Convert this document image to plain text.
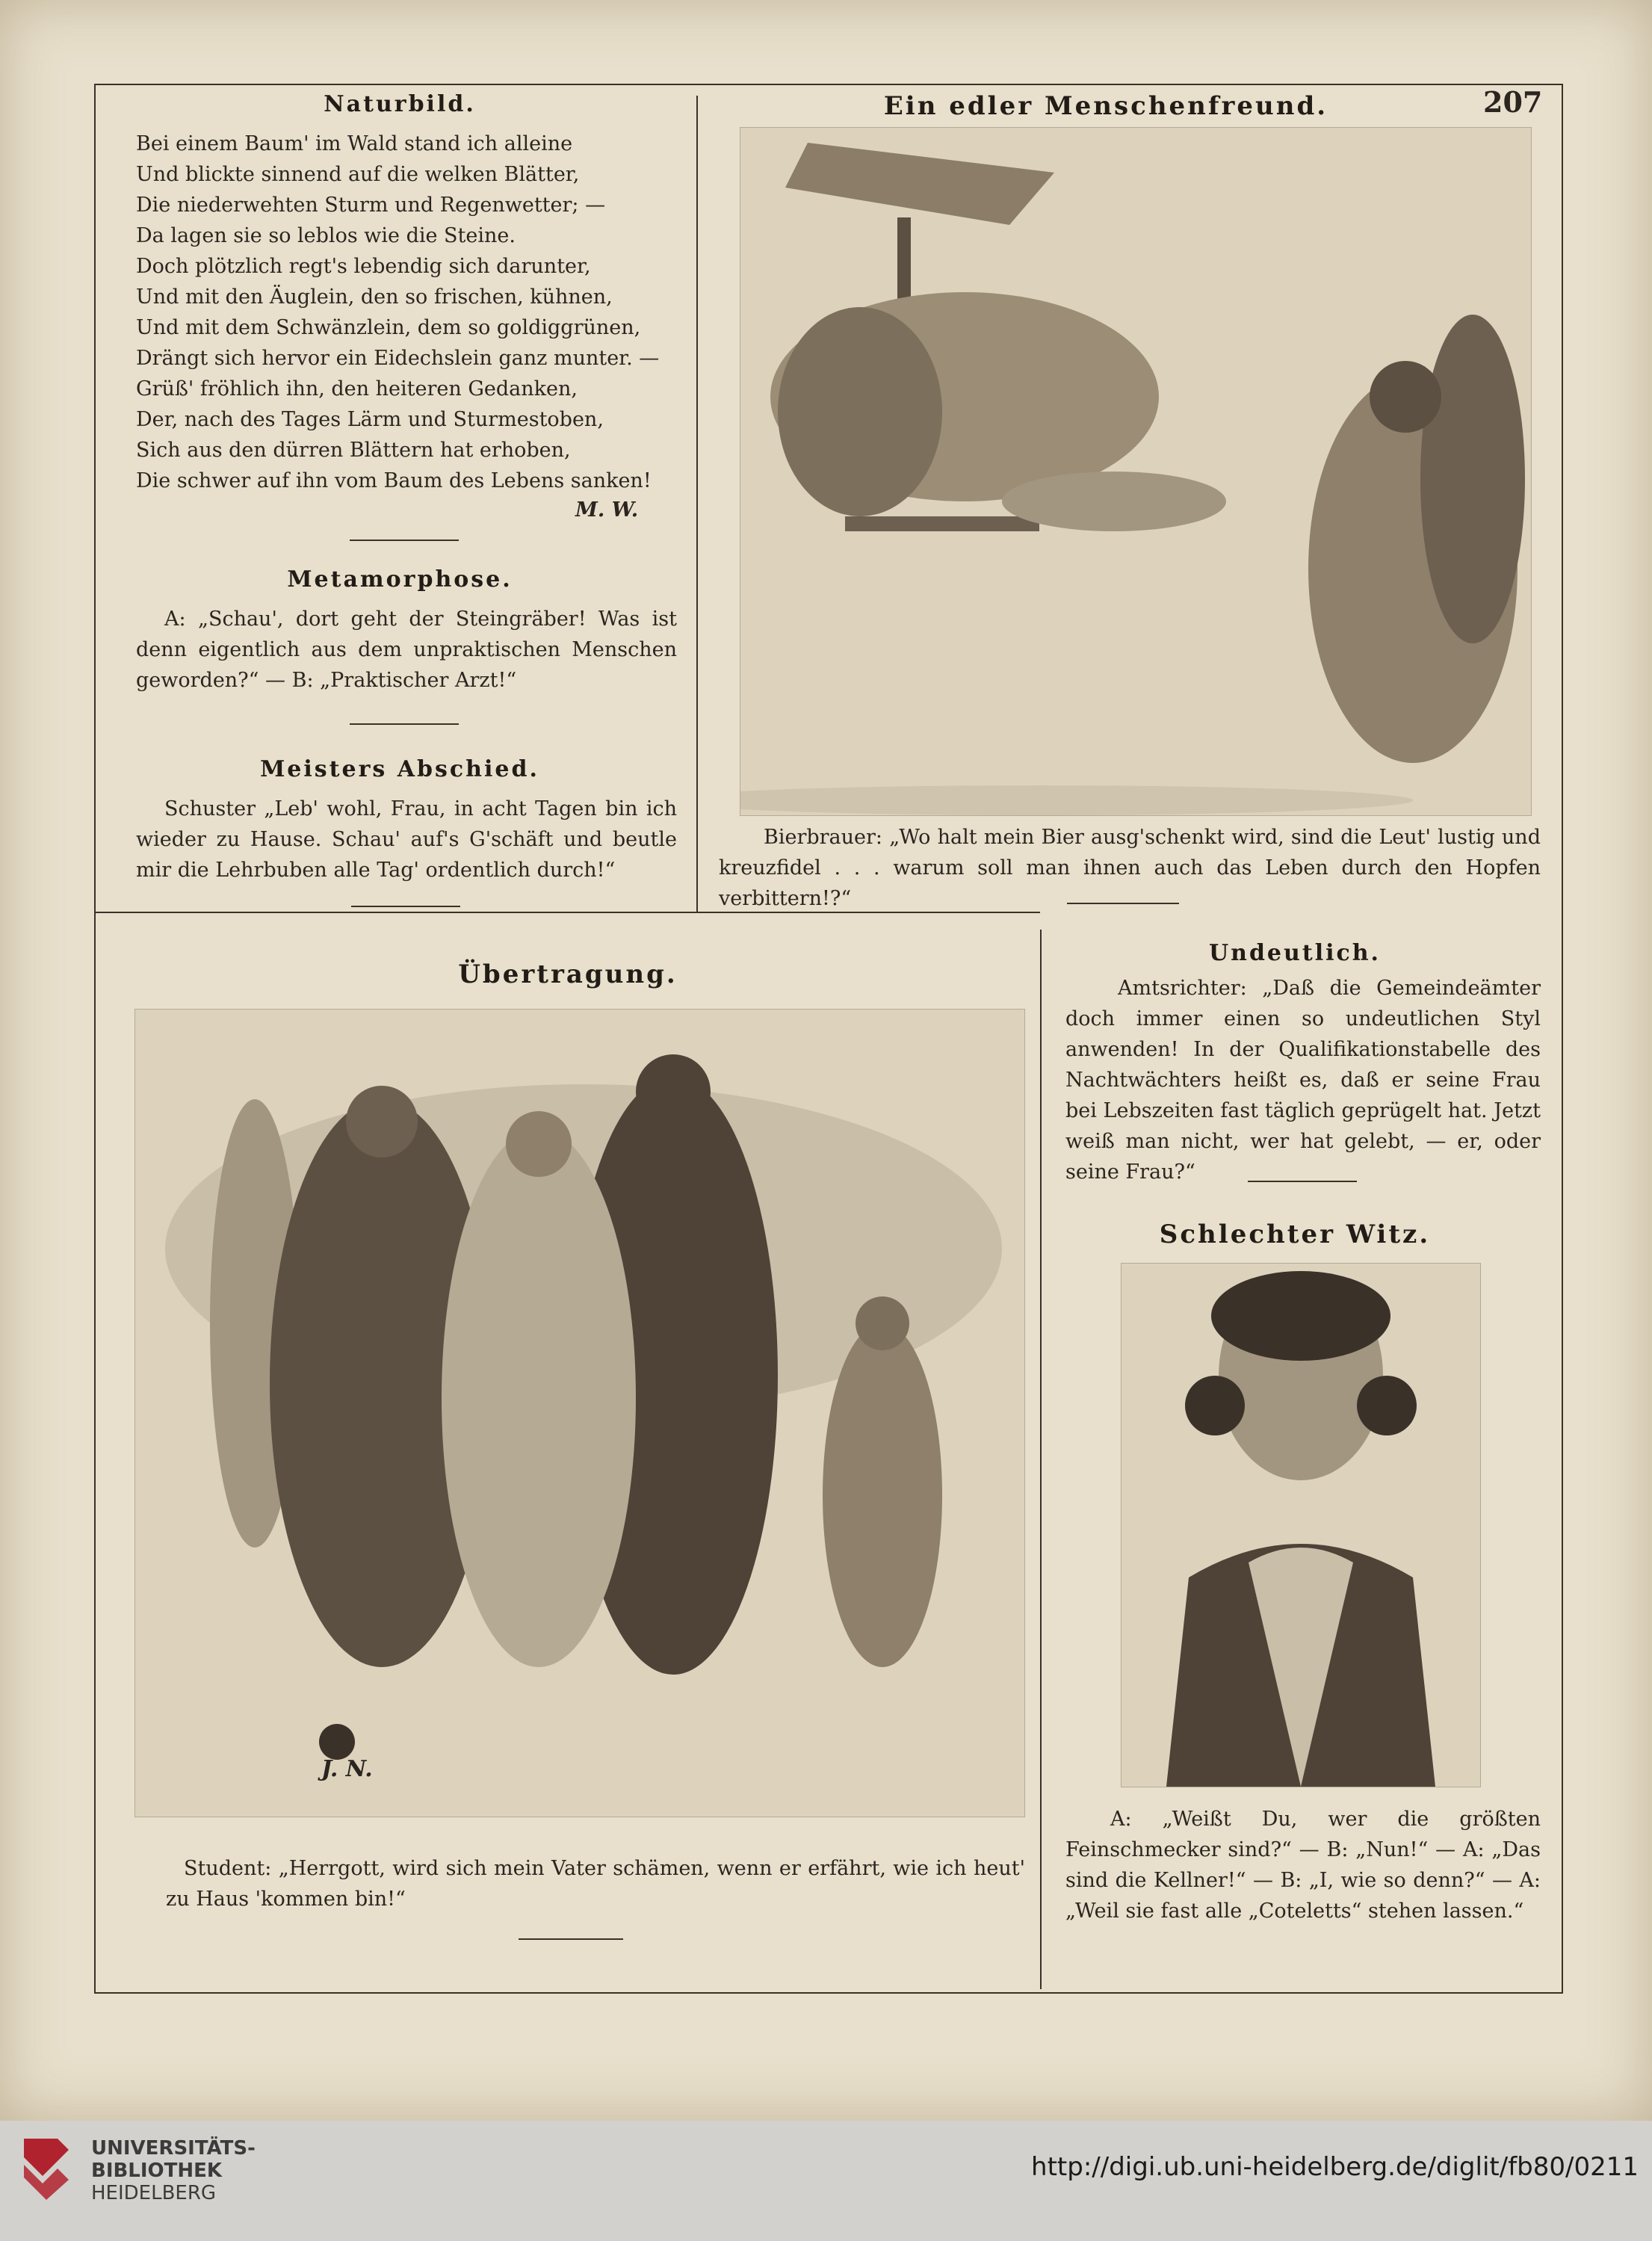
Naturbild.
Bei einem Baum' im Wald stand ich alleine
Und blickte sinnend auf die welken Blätter,
Die niederwehten Sturm und Regenwetter; —
Da lagen sie so leblos wie die Steine.
Doch plötzlich regt's lebendig sich darunter,
Und mit den Äuglein, den so frischen, kühnen,
Und mit dem Schwänzlein, dem so goldiggrünen,
Drängt sich hervor ein Eidechslein ganz munter. —
Grüß' fröhlich ihn, den heiteren Gedanken,
Der, nach des Tages Lärm und Sturmestoben,
Sich aus den dürren Blättern hat erhoben,
Die schwer auf ihn vom Baum des Lebens sanken!
M. W.
Metamorphose.

A: „Schau', dort geht der Steingräber! Was ist denn eigentlich aus dem unpraktischen Menschen geworden?“ — B: „Praktischer Arzt!“

Meisters Abschied.

Schuster „Leb' wohl, Frau, in acht Tagen bin ich wieder zu Hause. Schau' auf's G'schäft und beutle mir die Lehrbuben alle Tag' ordentlich durch!“

Ein edler Menschenfreund.	207

Bierbrauer: „Wo halt mein Bier ausg'schenkt wird, sind die Leut' lustig und kreuzfidel . . . warum soll man ihnen auch das Leben durch den Hopfen verbittern!?“

Übertragung.
J. N.

Student: „Herrgott, wird sich mein Vater schämen, wenn er erfährt, wie ich heut' zu Haus 'kommen bin!“

Undeutlich.

Amtsrichter: „Daß die Gemeindeämter doch immer einen so undeutlichen Styl anwenden! In der Qualifikationstabelle des Nachtwächters heißt es, daß er seine Frau bei Lebszeiten fast täglich geprügelt hat. Jetzt weiß man nicht, wer hat gelebt, — er, oder seine Frau?“

Schlechter Witz.

A: „Weißt Du, wer die größten Feinschmecker sind?“ — B: „Nun!“ — A: „Das sind die Kellner!“ — B: „I, wie so denn?“ — A: „Weil sie fast alle „Coteletts“ stehen lassen.“

UNIVERSITÄTS-
BIBLIOTHEK
HEIDELBERG
http://digi.ub.uni-heidelberg.de/diglit/fb80/0211
